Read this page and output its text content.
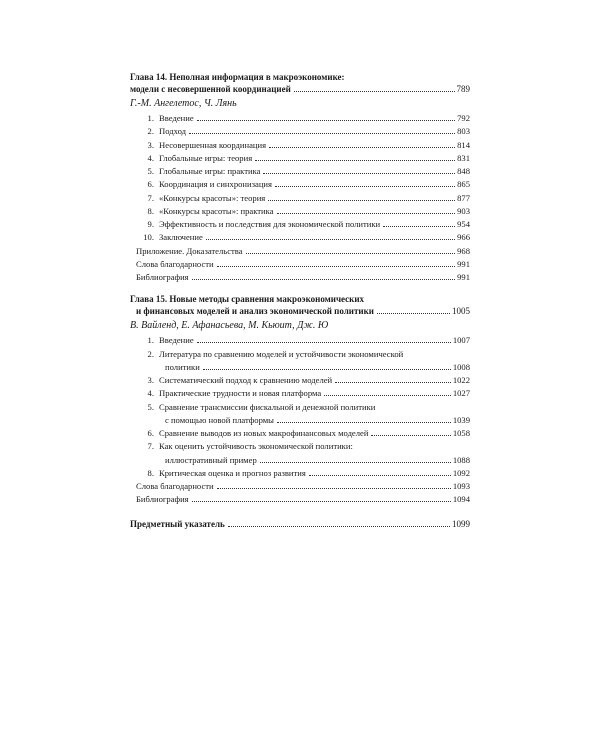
Глава 14. Неполная информация в макроэкономике:
модели с несовершенной координацией	789
Г.-М. Ангелетос, Ч. Лянь
1. Введение	792
2. Подход	803
3. Несовершенная координация	814
4. Глобальные игры: теория	831
5. Глобальные игры: практика	848
6. Координация и синхронизация	865
7. «Конкурсы красоты»: теория	877
8. «Конкурсы красоты»: практика	903
9. Эффективность и последствия для экономической политики	954
10. Заключение	966
Приложение. Доказательства	968
Слова благодарности	991
Библиография	991
Глава 15. Новые методы сравнения макроэкономических
и финансовых моделей и анализ экономической политики	1005
В. Вайленд, Е. Афанасьева, М. Кьюит, Дж. Ю
1. Введение	1007
2. Литература по сравнению моделей и устойчивости экономической
политики	1008
3. Систематический подход к сравнению моделей	1022
4. Практические трудности и новая платформа	1027
5. Сравнение трансмиссии фискальной и денежной политики
с помощью новой платформы	1039
6. Сравнение выводов из новых макрофинансовых моделей	1058
7. Как оценить устойчивость экономической политики:
иллюстративный пример	1088
8. Критическая оценка и прогноз развития	1092
Слова благодарности	1093
Библиография	1094
Предметный указатель	1099
